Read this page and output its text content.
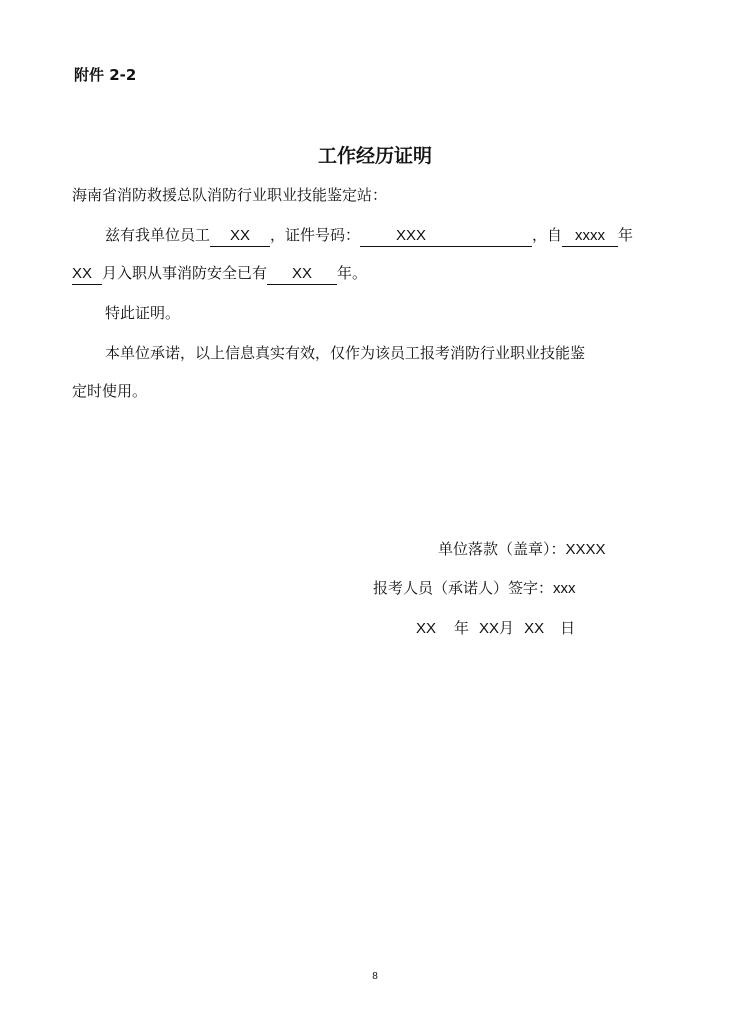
附件 2-2
工作经历证明
海南省消防救援总队消防行业职业技能鉴定站：
兹有我单位员工 XX ，证件号码： XXX	，自 xxxx 年
XX 月入职从事消防安全已有 XX 年。
特此证明。
本单位承诺，以上信息真实有效，仅作为该员工报考消防行业职业技能鉴
定时使用。
单位落款（盖章）：XXXX
报考人员（承诺人）签字：xxx
XX 年 XX月 XX 日
8
